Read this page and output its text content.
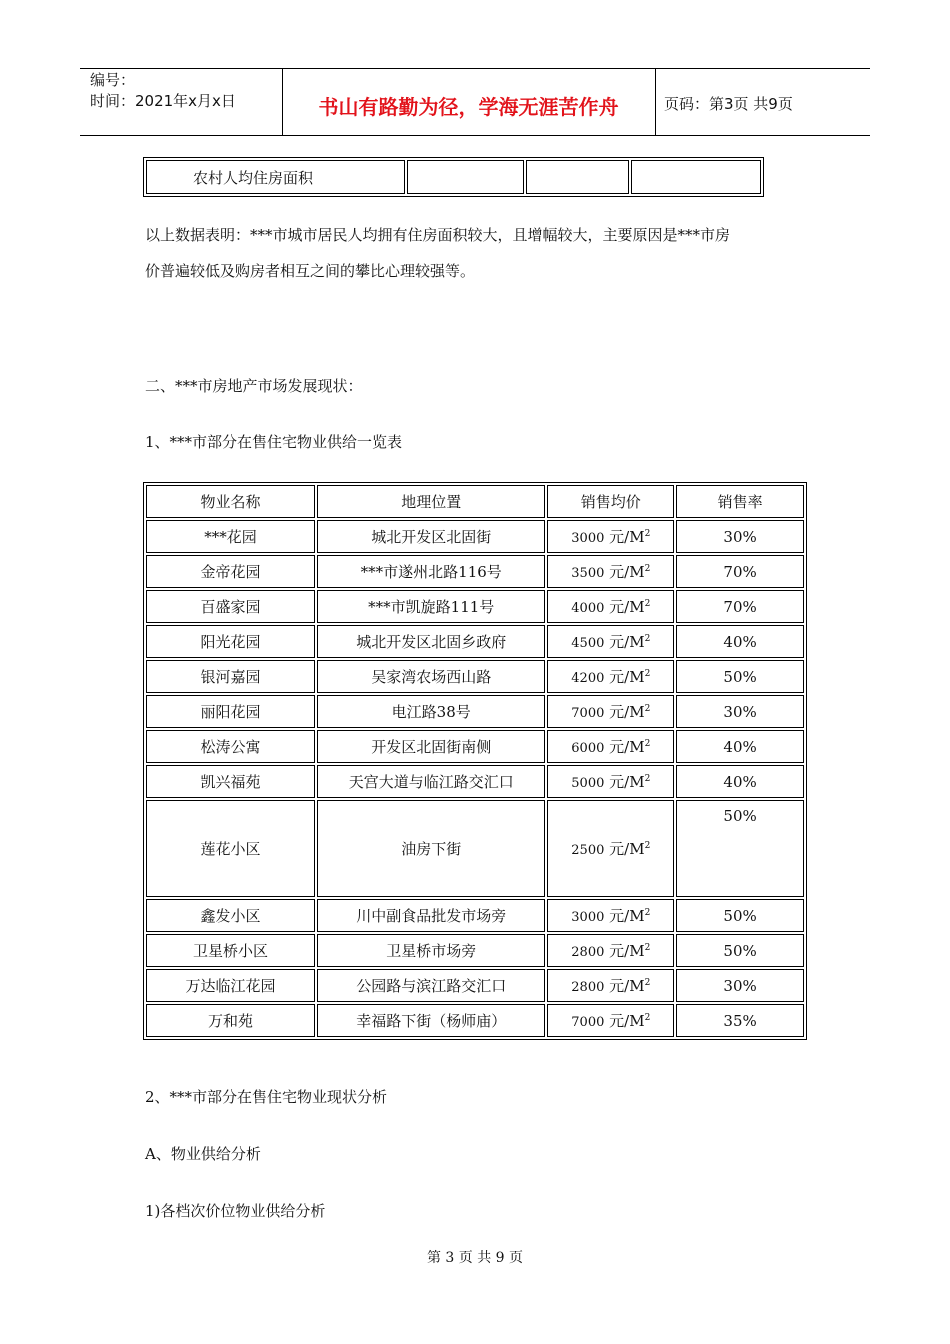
编号：
时间：2021年x月x日	书山有路勤为径，学海无涯苦作舟	页码：第3页 共9页
农村人均住房面积			
以上数据表明：***市城市居民人均拥有住房面积较大，且增幅较大，主要原因是***市房
价普遍较低及购房者相互之间的攀比心理较强等。
二、***市房地产市场发展现状：
1、***市部分在售住宅物业供给一览表
物业名称	地理位置	销售均价	销售率
***花园	城北开发区北固街	3000 元$/M^2$	30%
金帝花园	***市遂州北路116号	3500 元$/M^2$	70%
百盛家园	***市凯旋路111号	4000 元$/M^2$	70%
阳光花园	城北开发区北固乡政府	4500 元$/M^2$	40%
银河嘉园	吴家湾农场西山路	4200 元$/M^2$	50%
丽阳花园	电江路38号	7000 元$/M^2$	30%
松涛公寓	开发区北固街南侧	6000 元$/M^2$	40%
凯兴福苑	天宫大道与临江路交汇口	5000 元$/M^2$	40%
莲花小区	油房下街	2500 元$/M^2$	50%
鑫发小区	川中副食品批发市场旁	3000 元$/M^2$	50%
卫星桥小区	卫星桥市场旁	2800 元$/M^2$	50%
万达临江花园	公园路与滨江路交汇口	2800 元$/M^2$	30%
万和苑	幸福路下街（杨师庙）	7000 元$/M^2$	35%
2、***市部分在售住宅物业现状分析
A、物业供给分析
1)各档次价位物业供给分析
第 3 页 共 9 页
